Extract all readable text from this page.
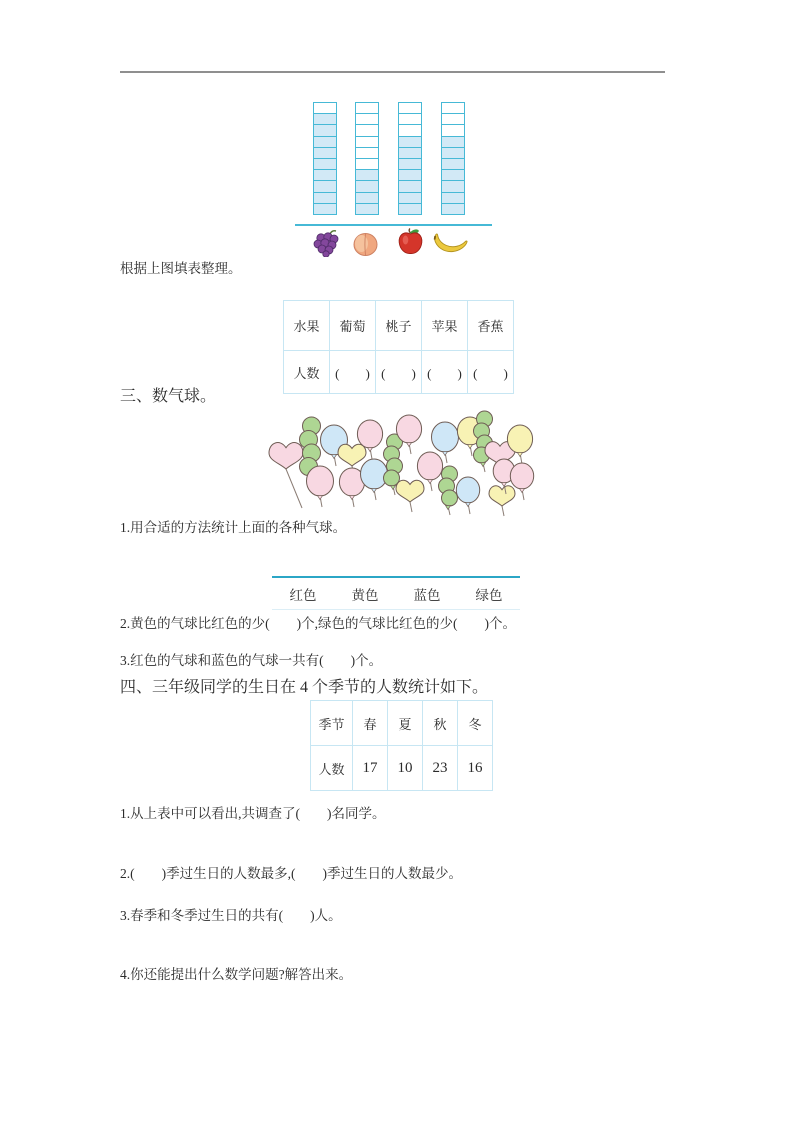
根据上图填表整理。

水果	葡萄	桃子	苹果	香蕉
人数	(　　)	(　　)	(　　)	(　　)

三、数气球。

1.用合适的方法统计上面的各种气球。

红色	黄色	蓝色	绿色

2.黄色的气球比红色的少(　　)个,绿色的气球比红色的少(　　)个。

3.红色的气球和蓝色的气球一共有(　　)个。

四、三年级同学的生日在 4 个季节的人数统计如下。

季节	春	夏	秋	冬
人数	17	10	23	16

1.从上表中可以看出,共调查了(　　)名同学。

2.(　　)季过生日的人数最多,(　　)季过生日的人数最少。

3.春季和冬季过生日的共有(　　)人。

4.你还能提出什么数学问题?解答出来。
